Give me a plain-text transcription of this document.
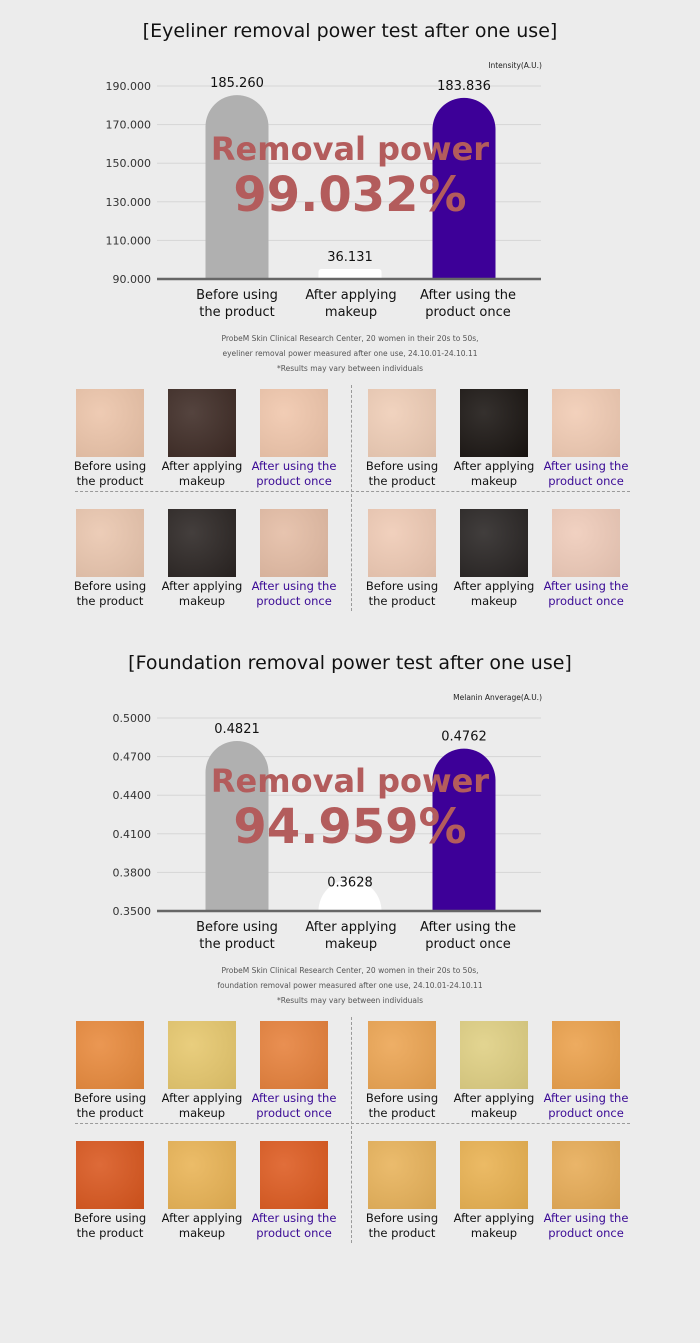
[Eyeliner removal power test after one use]
Intensity(A.U.)
190.000
170.000
150.000
130.000
110.000
90.000
185.260
36.131
183.836
Removal power
99.032%
Before using
the product
After applying
makeup
After using the
product once
ProbeM Skin Clinical Research Center, 20 women in their 20s to 50s,
eyeliner removal power measured after one use, 24.10.01-24.10.11
*Results may vary between individuals
Before using
the product
After applying
makeup
After using the
product once
Before using
the product
After applying
makeup
After using the
product once
Before using
the product
After applying
makeup
After using the
product once
Before using
the product
After applying
makeup
After using the
product once
[Foundation removal power test after one use]
Melanin Anverage(A.U.)
0.5000
0.4700
0.4400
0.4100
0.3800
0.3500
0.4821
0.3628
0.4762
Removal power
94.959%
Before using
the product
After applying
makeup
After using the
product once
ProbeM Skin Clinical Research Center, 20 women in their 20s to 50s,
foundation removal power measured after one use, 24.10.01-24.10.11
*Results may vary between individuals
Before using
the product
After applying
makeup
After using the
product once
Before using
the product
After applying
makeup
After using the
product once
Before using
the product
After applying
makeup
After using the
product once
Before using
the product
After applying
makeup
After using the
product once
